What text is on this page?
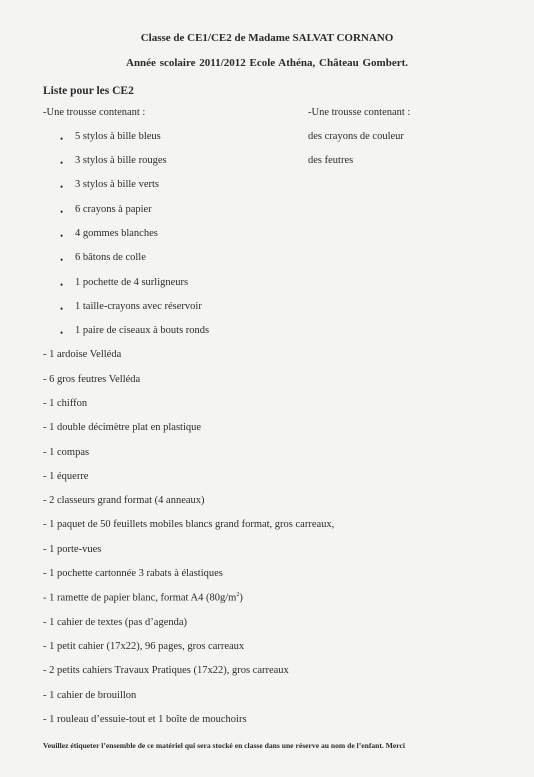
Classe de CE1/CE2 de Madame SALVAT CORNANO
Année scolaire 2011/2012 Ecole Athéna, Château Gombert.
Liste pour les CE2
-Une trousse contenant :
• 5 stylos à bille bleus
• 3 stylos à bille rouges
• 3 stylos à bille verts
• 6 crayons à papier
• 4 gommes blanches
• 6 bâtons de colle
• 1 pochette de 4 surligneurs
• 1 taille-crayons avec réservoir
• 1 paire de ciseaux à bouts ronds
-Une trousse contenant :
des crayons de couleur
des feutres
- 1 ardoise Velléda
- 6 gros feutres Velléda
- 1 chiffon
- 1 double décimètre plat en plastique
- 1 compas
- 1 équerre
- 2 classeurs grand format (4 anneaux)
- 1 paquet de 50 feuillets mobiles blancs grand format, gros carreaux,
- 1 porte-vues
- 1 pochette cartonnée 3 rabats à élastiques
- 1 ramette de papier blanc, format A4 $(80g/m^2)$
- 1 cahier de textes (pas d’agenda)
- 1 petit cahier (17x22), 96 pages, gros carreaux
- 2 petits cahiers Travaux Pratiques (17x22), gros carreaux
- 1 cahier de brouillon
- 1 rouleau d’essuie-tout et 1 boîte de mouchoirs
Veuillez étiqueter l’ensemble de ce matériel qui sera stocké en classe dans une réserve au nom de l’enfant. Merci
